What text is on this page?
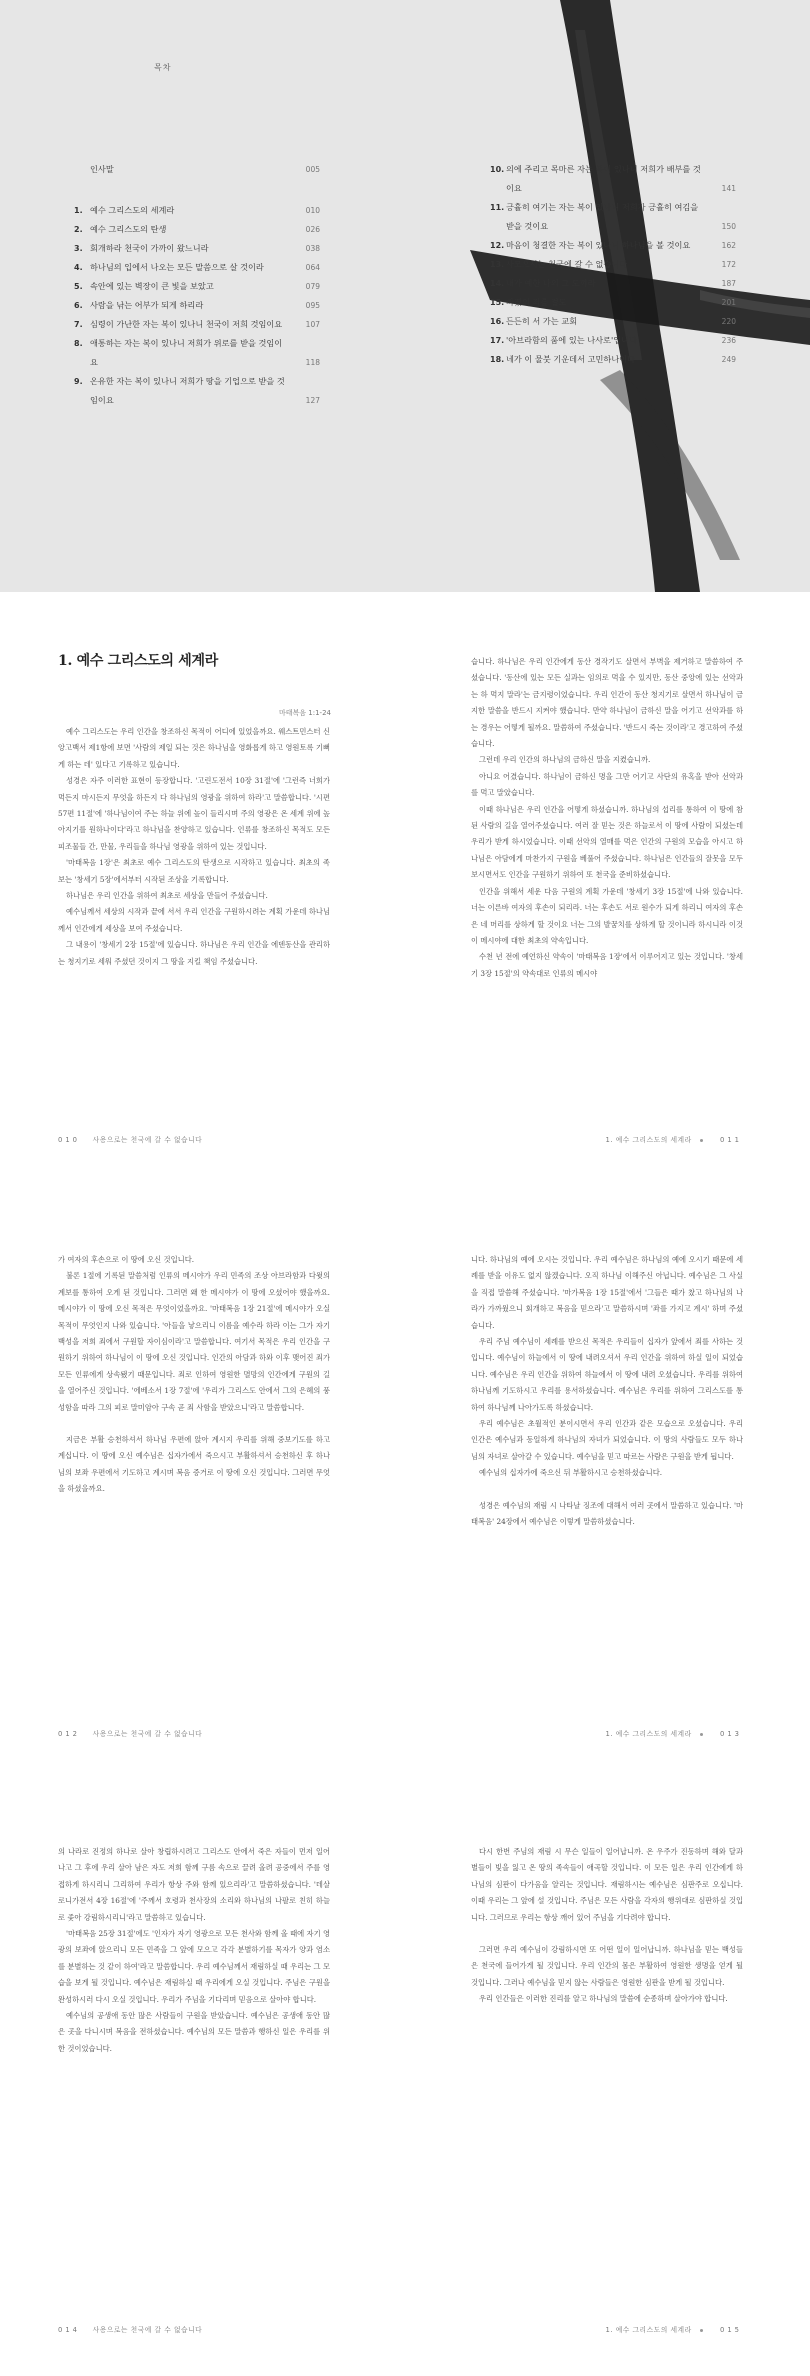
목차
인사말	005
1. 예수 그리스도의 세계라	010
2. 예수 그리스도의 탄생	026
3. 회개하라 천국이 가까이 왔느니라	038
4. 하나님의 입에서 나오는 모든 말씀으로 살 것이라	064
5. 속안에 있는 벽장이 큰 빛을 보았고	079
6. 사람을 낚는 어부가 되게 하리라	095
7. 심령이 가난한 자는 복이 있나니 천국이 저희 것임이요	107
8. 애통하는 자는 복이 있나니 저희가 위로를 받을 것임이요	118
9. 온유한 자는 복이 있나니 저희가 땅을 기업으로 받을 것임이요	127
10. 의에 주리고 목마른 자는 복이 있나니 저희가 배부를 것이요	141
11. 긍휼히 여기는 자는 복이 있나니 저희가 긍휼히 여김을 받을 것이요	150
12. 마음이 청결한 자는 복이 있나니 하나님을 볼 것이요	162
13. 사모으시는 천국에 갈 수 없습니다	172
14. 내가 예한 나의 그 도끼라	187
15. 빠졌의 죄를 걸도	201
16. 든든히 서 가는 교회	220
17. '아브라함의 품에 있는 나사로'입니다	236
18. 네가 이 물붓 기운데서 고민하나이다	249
1. 예수 그리스도의 세계라
마태복음 1:1-24

예수 그리스도는 우리 인간을 창조하신 목적이 어디에 있었을까요. 웨스트민스터 신앙고백서 제1항에 보면 '사람의 제일 되는 것은 하나님을 영화롭게 하고 영원토록 기뻐게 하는 데' 있다고 기록하고 있습니다.

성경은 자주 이러한 표현이 등장합니다. '고린도전서 10장 31절'에 '그런즉 너희가 먹든지 마시든지 무엇을 하든지 다 하나님의 영광을 위하여 하라'고 말씀합니다. '시편 57편 11절'에 '하나님이여 주는 하늘 위에 높이 들리시며 주의 영광은 온 세계 위에 높아지기를 원하나이다'라고 하나님을 찬양하고 있습니다. 인류를 창조하신 목적도 모든 피조물들 간, 만물, 우리들을 하나님 영광을 위하여 있는 것입니다.

'마태복음 1장'은 최초로 예수 그리스도의 탄생으로 시작하고 있습니다. 최초의 족보는 '창세기 5장'에서부터 시작된 조상을 기록합니다.

하나님은 우리 인간을 위하여 최초로 세상을 만들어 주셨습니다.

예수님께서 세상의 시작과 끝에 서서 우리 인간을 구원하시려는 계획 가운데 하나님께서 인간에게 세상을 보여 주셨습니다.

그 내용이 '창세기 2장 15절'에 있습니다. 하나님은 우리 인간을 에덴동산을 관리하는 청지기로 세워 주셨던 것이지 그 땅을 지킬 책임 주셨습니다.

010 사용으로는 천국에 갈 수 없습니다

습니다. 하나님은 우리 인간에게 동산 경작기도 살면서 부벽을 제거하고 말씀하여 주셨습니다. '동산에 있는 모든 실과는 임의로 먹을 수 있지만, 동산 중앙에 있는 선악과는 하 먹지 말라'는 금지령이었습니다. 우리 인간이 동산 청지기로 살면서 하나님이 금지한 말씀을 반드시 지켜야 했습니다. 만약 하나님이 금하신 말을 어기고 선악과를 하는 경우는 어떻게 될까요. 말씀하여 주셨습니다. '반드시 죽는 것이라'고 경고하여 주셨습니다.

그런데 우리 인간의 하나님의 금하신 말을 지켰습니까.

아니요 어겼습니다. 하나님이 금하신 명을 그만 어기고 사단의 유혹을 받아 선악과를 먹고 말았습니다.

이때 하나님은 우리 인간을 어떻게 하셨습니까. 하나님의 섭리를 통하여 이 땅에 참된 사람의 길을 열어주셨습니다. 여러 잘 믿는 것은 하늘로서 이 땅에 사람이 되셨는데 우리가 받게 하시었습니다. 이때 선악의 열매를 먹은 인간의 구원의 모습을 아시고 하나님은 아담에게 마찬가지 구원을 베풀어 주셨습니다. 하나님은 인간들의 잘못을 모두 보시면서도 인간을 구원하기 위하여 또 천국을 준비하셨습니다.

인간을 위해서 세운 다음 구원의 계획 가운데 '창세기 3장 15절'에 나와 있습니다. 너는 이른바 여자의 후손이 되리라. 너는 후손도 서로 원수가 되게 하리니 여자의 후손은 네 머리를 상하게 할 것이요 너는 그의 발꿈치를 상하게 할 것이니라 하시니라 이것이 메시야에 대한 최초의 약속입니다.

수천 년 전에 예언하신 약속이 '마태복음 1장'에서 이루어지고 있는 것입니다. '창세기 3장 15절'의 약속대로 인류의 메시야

1. 예수 그리스도의 세계라	011

가 여자의 후손으로 이 땅에 오신 것입니다.

불론 1절에 기록된 말씀처럼 인류의 메시야가 우리 민족의 조상 아브라함과 다윗의 계보를 통하여 오게 된 것입니다. 그러면 왜 한 메시야가 이 땅에 오셨어야 했을까요. 메시야가 이 땅에 오신 목적은 무엇이었을까요. '마태복음 1장 21절'에 메시야가 오실 목적이 무엇인지 나와 있습니다. '아들을 낳으리니 이름을 예수라 하라 이는 그가 자기 백성을 저희 죄에서 구원할 자이심이라'고 말씀합니다. 여기서 목적은 우리 인간을 구원하기 위하여 하나님이 이 땅에 오신 것입니다. 인간의 아담과 하와 이후 맺어진 죄가 모든 인류에게 상속됐기 때문입니다. 죄로 인하여 영원한 멸망의 인간에게 구원의 길을 열어주신 것입니다. '에베소서 1장 7절'에 '우리가 그리스도 안에서 그의 은혜의 풍성함을 따라 그의 피로 말미암아 구속 곧 죄 사함을 받았으니'라고 말씀합니다.

지금은 부활 승천하셔서 하나님 우편에 앉아 계시지 우리를 위해 중보기도를 하고 계십니다. 이 땅에 오신 예수님은 십자가에서 죽으시고 부활하셔서 승천하신 후 하나님의 보좌 우편에서 기도하고 계시며 복음 증거로 이 땅에 오신 것입니다. 그러면 무엇을 하셨을까요.

012 사용으로는 천국에 갈 수 없습니다

니다. 하나님의 예에 오시는 것입니다. 우리 예수님은 하나님의 예에 오시기 때문에 세례를 받을 이유도 없지 않겠습니다. 오직 하나님 이해주신 아닙니다. 예수님은 그 사실을 직접 말씀해 주셨습니다. '마가복음 1장 15절'에서 '그들은 때가 찼고 하나님의 나라가 가까웠으니 회개하고 복음을 믿으라'고 말씀하시며 '좌를 가지고 계시' 하며 주셨습니다.

우리 주님 예수님이 세례를 받으신 목적은 우리들이 십자가 앞에서 죄를 사하는 것입니다. 예수님이 하늘에서 이 땅에 내려오셔서 우리 인간을 위하여 하실 일이 되었습니다. 예수님은 우리 인간을 위하여 하늘에서 이 땅에 내려 오셨습니다. 우리를 위하여 하나님께 기도하시고 우리를 용서하셨습니다. 예수님은 우리를 위하여 그리스도를 통하여 하나님께 나아가도록 하셨습니다.

우리 예수님은 초월적인 분이시면서 우리 인간과 같은 모습으로 오셨습니다. 우리 인간은 예수님과 동일하게 하나님의 자녀가 되었습니다. 이 땅의 사람들도 모두 하나님의 자녀로 살아갈 수 있습니다. 예수님을 믿고 따르는 사람은 구원을 받게 됩니다.

예수님의 십자가에 죽으신 뒤 부활하시고 승천하셨습니다.

성경은 예수님의 재림 시 나타날 징조에 대해서 여러 곳에서 말씀하고 있습니다. '마태복음' 24장에서 예수님은 이렇게 말씀하셨습니다.

1. 예수 그리스도의 세계라	013

의 나라로 진정의 하나로 살아 창립하시려고 그리스도 안에서 죽은 자들이 먼저 일어나고 그 후에 우리 살아 남은 자도 저희 함께 구름 속으로 끌려 올려 공중에서 주를 영접하게 하시리니 그리하여 우리가 항상 주와 함께 있으리라'고 말씀하셨습니다. '데살로니가전서 4장 16절'에 '주께서 호령과 천사장의 소리와 하나님의 나팔로 친히 하늘로 좇아 강림하시리니'라고 말씀하고 있습니다.

'마태복음 25장 31절'에도 '인자가 자기 영광으로 모든 천사와 함께 올 때에 자기 영광의 보좌에 앉으리니 모든 민족을 그 앞에 모으고 각각 분별하기를 목자가 양과 염소를 분별하는 것 같이 하여'라고 말씀합니다. 우리 예수님께서 재림하실 때 우리는 그 모습을 보게 될 것입니다. 예수님은 재림하실 때 우리에게 오실 것입니다. 주님은 구원을 완성하시러 다시 오실 것입니다. 우리가 주님을 기다리며 믿음으로 살아야 합니다.

예수님의 공생애 동안 많은 사람들이 구원을 받았습니다. 예수님은 공생애 동안 많은 곳을 다니시며 복음을 전하셨습니다. 예수님의 모든 말씀과 행하신 일은 우리를 위한 것이었습니다.

014 사용으로는 천국에 갈 수 없습니다

다시 한번 주님의 재림 시 무슨 일들이 일어납니까. 온 우주가 진동하며 해와 달과 별들이 빛을 잃고 온 땅의 족속들이 애곡할 것입니다. 이 모든 일은 우리 인간에게 하나님의 심판이 다가옴을 알리는 것입니다. 재림하시는 예수님은 심판주로 오십니다. 이때 우리는 그 앞에 설 것입니다. 주님은 모든 사람을 각자의 행위대로 심판하실 것입니다. 그러므로 우리는 항상 깨어 있어 주님을 기다려야 합니다.

그러면 우리 예수님이 강림하시면 또 어떤 일이 일어납니까. 하나님을 믿는 백성들은 천국에 들어가게 될 것입니다. 우리 인간의 몸은 부활하여 영원한 생명을 얻게 될 것입니다. 그러나 예수님을 믿지 않는 사람들은 영원한 심판을 받게 될 것입니다.

우리 인간들은 이러한 진리를 알고 하나님의 말씀에 순종하며 살아가야 합니다.

1. 예수 그리스도의 세계라	015
